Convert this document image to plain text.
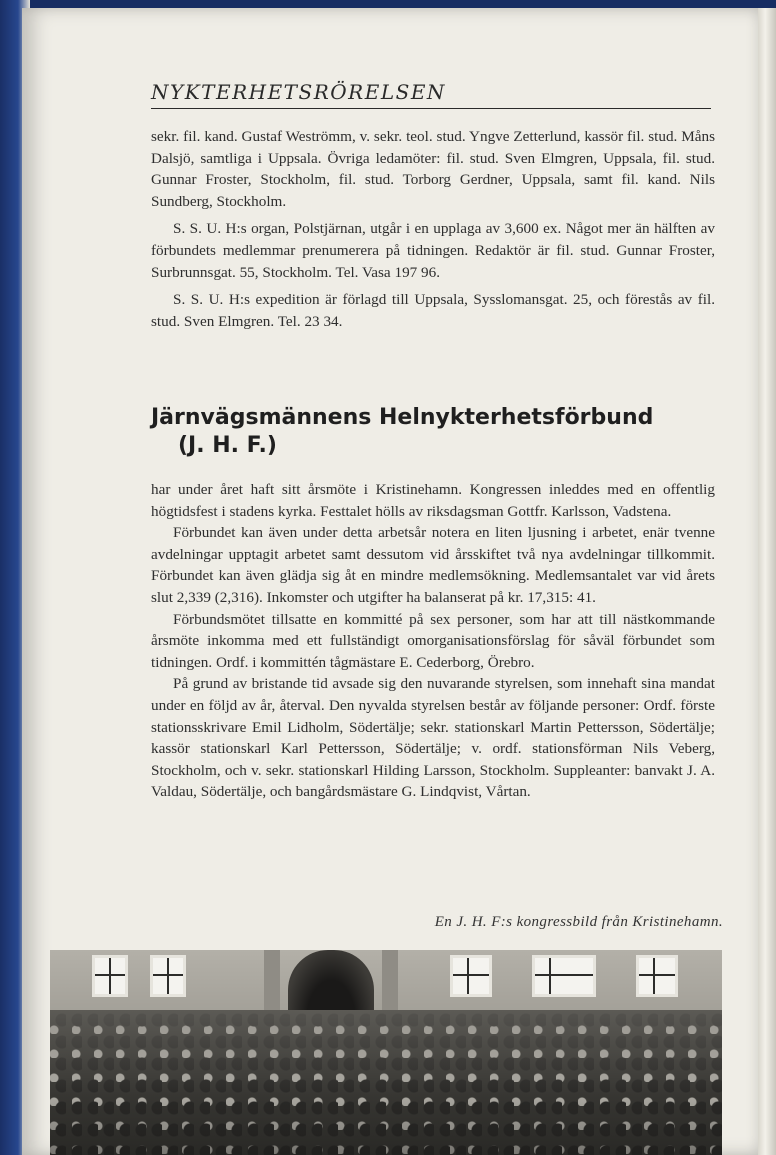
NYKTERHETSRÖRELSEN

sekr. fil. kand. Gustaf Weströmm, v. sekr. teol. stud. Yngve Zetterlund, kassör fil. stud. Måns Dalsjö, samtliga i Uppsala. Övriga ledamöter: fil. stud. Sven Elmgren, Uppsala, fil. stud. Gunnar Froster, Stockholm, fil. stud. Torborg Gerdner, Uppsala, samt fil. kand. Nils Sundberg, Stockholm.

S. S. U. H:s organ, Polstjärnan, utgår i en upplaga av 3,600 ex. Något mer än hälften av förbundets medlemmar prenumerera på tidningen. Redaktör är fil. stud. Gunnar Froster, Surbrunnsgat. 55, Stockholm. Tel. Vasa 197 96.

S. S. U. H:s expedition är förlagd till Uppsala, Sysslomansgat. 25, och förestås av fil. stud. Sven Elmgren. Tel. 23 34.

Järnvägsmännens Helnykterhetsförbund
(J. H. F.)

har under året haft sitt årsmöte i Kristinehamn. Kongressen inleddes med en offentlig högtidsfest i stadens kyrka. Festtalet hölls av riksdagsman Gottfr. Karlsson, Vadstena.

Förbundet kan även under detta arbetsår notera en liten ljusning i arbetet, enär tvenne avdelningar upptagit arbetet samt dessutom vid årsskiftet två nya avdelningar tillkommit. Förbundet kan även glädja sig åt en mindre medlemsökning. Medlemsantalet var vid årets slut 2,339 (2,316). Inkomster och utgifter ha balanserat på kr. 17,315: 41.

Förbundsmötet tillsatte en kommitté på sex personer, som har att till nästkommande årsmöte inkomma med ett fullständigt omorganisationsförslag för såväl förbundet som tidningen. Ordf. i kommittén tågmästare E. Cederborg, Örebro.

På grund av bristande tid avsade sig den nuvarande styrelsen, som innehaft sina mandat under en följd av år, återval. Den nyvalda styrelsen består av följande personer: Ordf. förste stationsskrivare Emil Lidholm, Södertälje; sekr. stationskarl Martin Pettersson, Södertälje; kassör stationskarl Karl Pettersson, Södertälje; v. ordf. stationsförman Nils Veberg, Stockholm, och v. sekr. stationskarl Hilding Larsson, Stockholm. Suppleanter: banvakt J. A. Valdau, Södertälje, och bangårdsmästare G. Lindqvist, Vårtan.

En J. H. F:s kongressbild från Kristinehamn.
